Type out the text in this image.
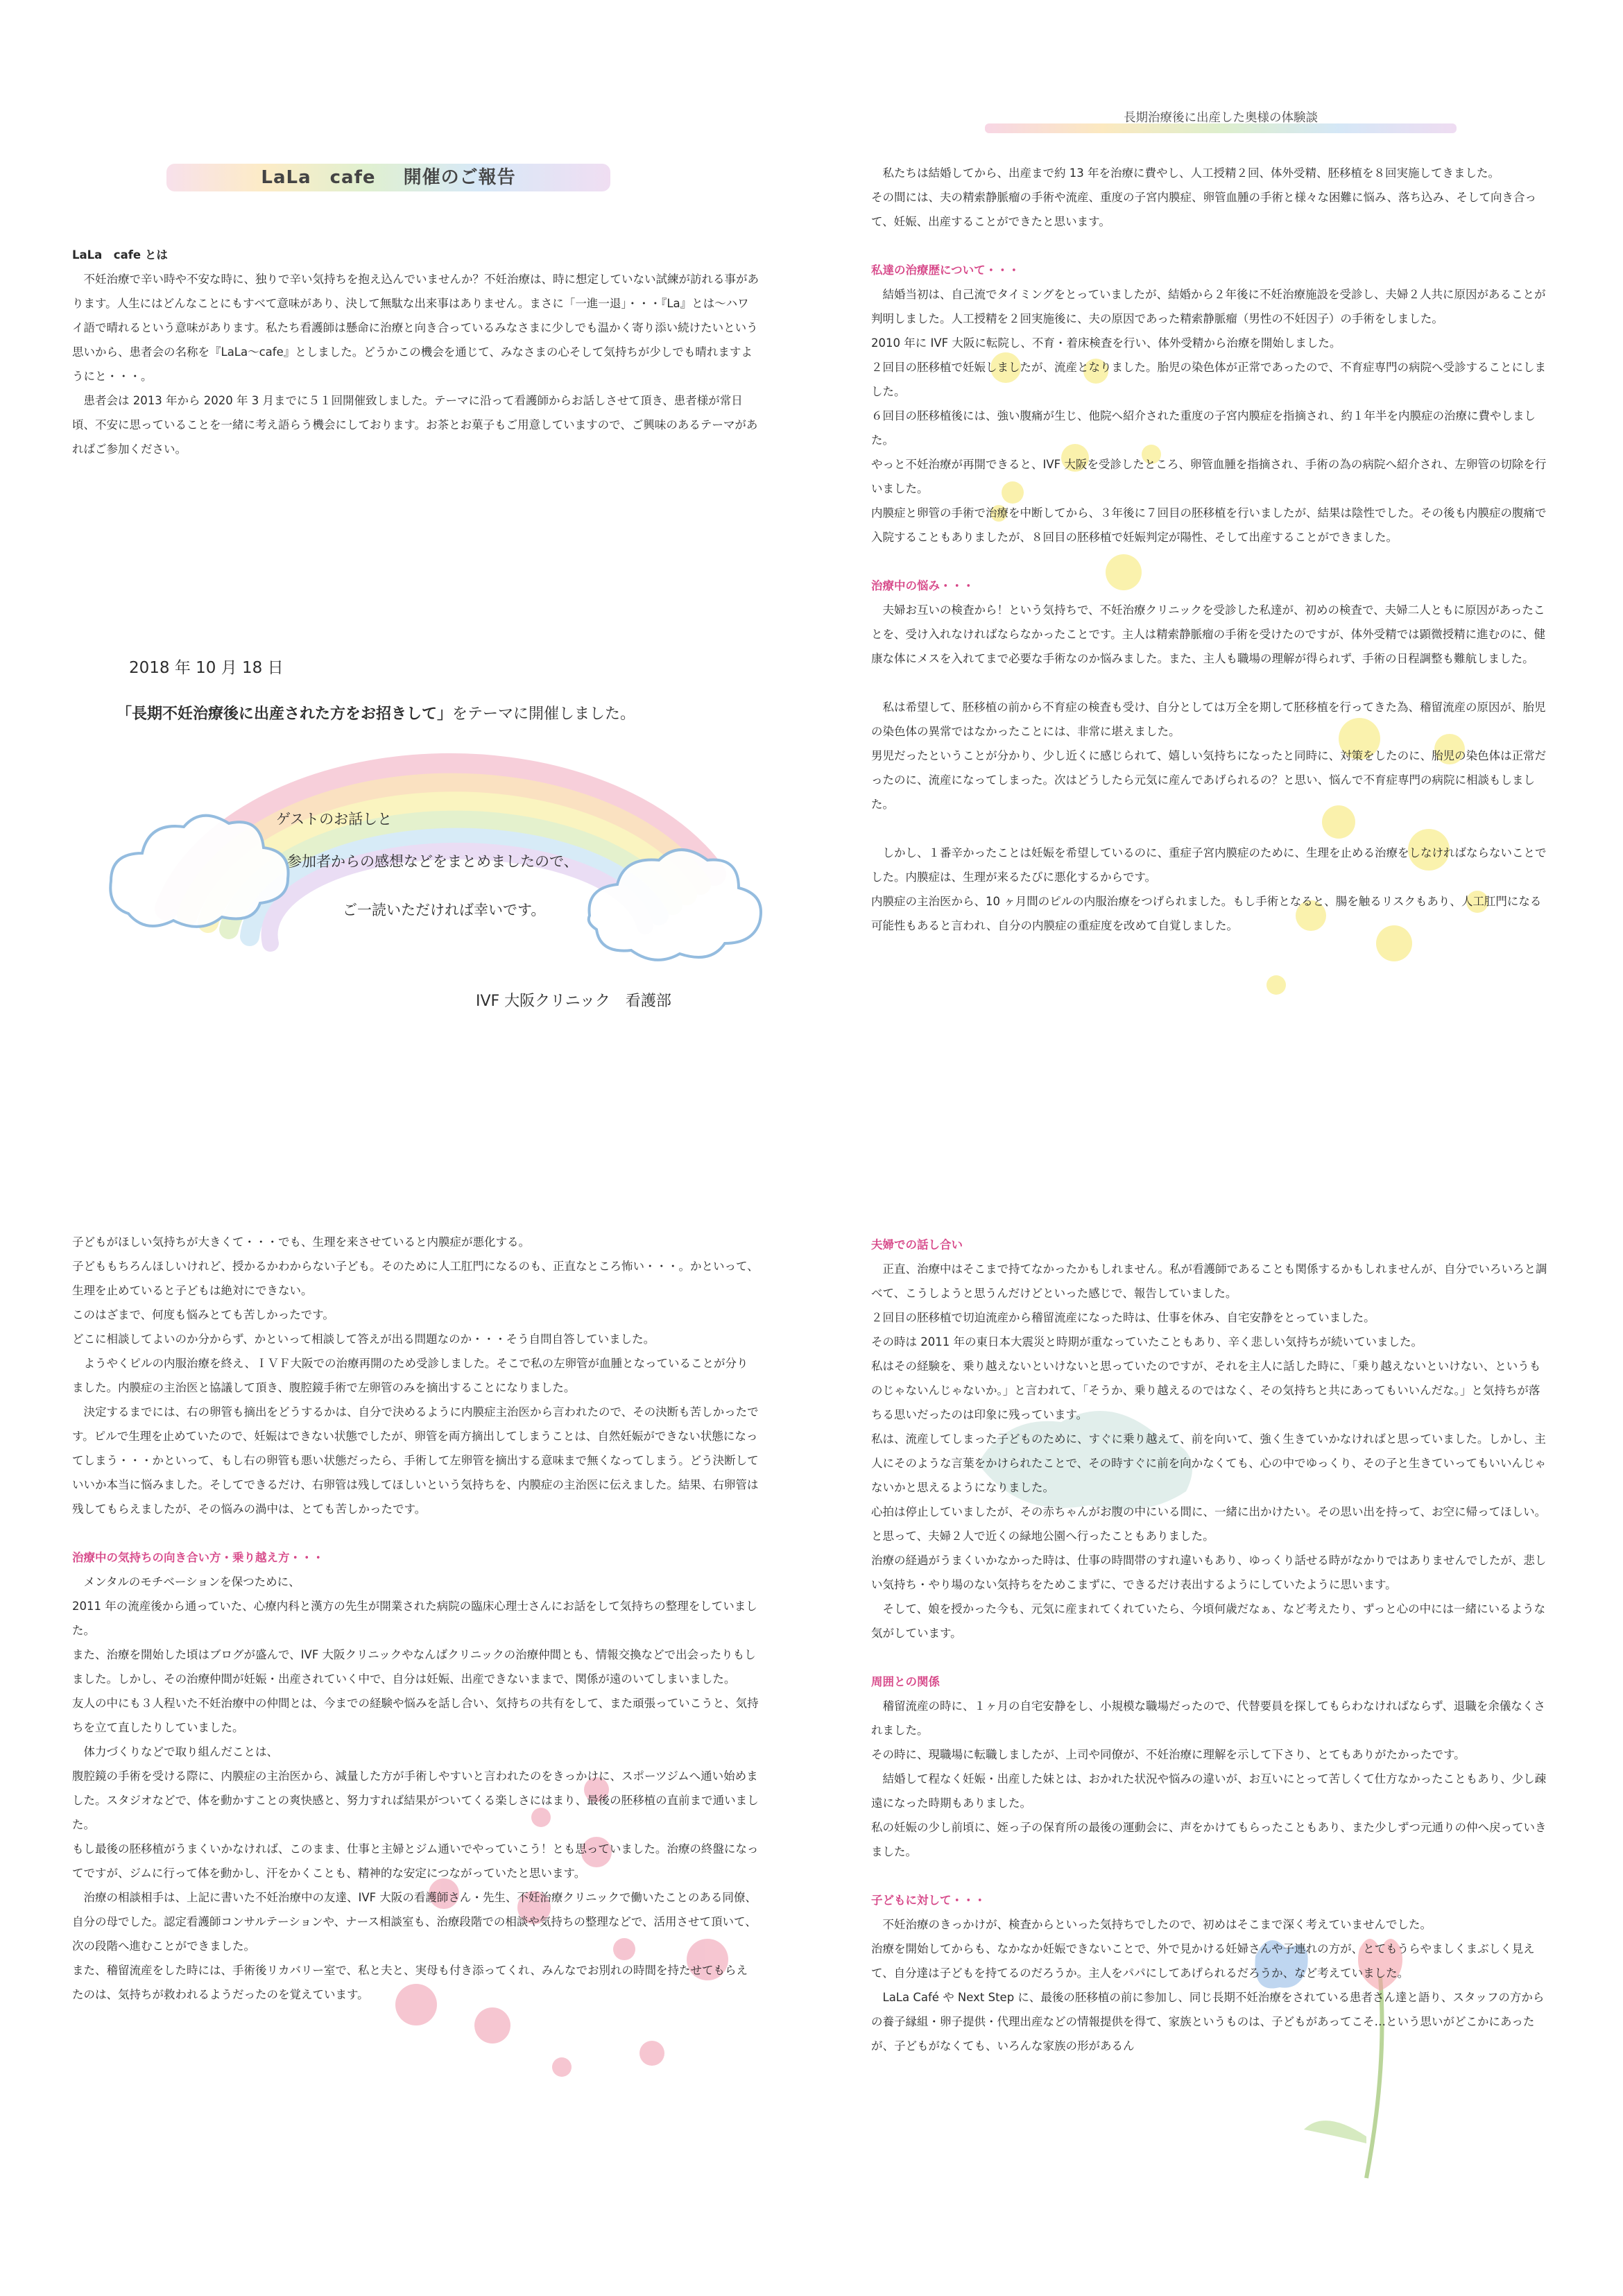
LaLa　cafe 開催のご報告

LaLa　cafe とは

不妊治療で辛い時や不安な時に、独りで辛い気持ちを抱え込んでいませんか？不妊治療は、時に想定していない試練が訪れる事があります。人生にはどんなことにもすべて意味があり、決して無駄な出来事はありません。まさに「一進一退」・・・『La』とは～ハワイ語で晴れるという意味があります。私たち看護師は懸命に治療と向き合っているみなさまに少しでも温かく寄り添い続けたいという思いから、患者会の名称を『LaLa～cafe』としました。どうかこの機会を通じて、みなさまの心そして気持ちが少しでも晴れますようにと・・・。

患者会は 2013 年から 2020 年 3 月までに５１回開催致しました。テーマに沿って看護師からお話しさせて頂き、患者様が常日頃、不安に思っていることを一緒に考え語らう機会にしております。お茶とお菓子もご用意していますので、ご興味のあるテーマがあればご参加ください。

2018 年 10 月 18 日
「長期不妊治療後に出産された方をお招きして」をテーマに開催しました。
ゲストのお話しと
参加者からの感想などをまとめましたので、
ご一読いただければ幸いです。
IVF 大阪クリニック　看護部
長期治療後に出産した奥様の体験談

私たちは結婚してから、出産まで約 13 年を治療に費やし、人工授精２回、体外受精、胚移植を８回実施してきました。

その間には、夫の精索静脈瘤の手術や流産、重度の子宮内膜症、卵管血腫の手術と様々な困難に悩み、落ち込み、そして向き合って、妊娠、出産することができたと思います。

私達の治療歴について・・・

結婚当初は、自己流でタイミングをとっていましたが、結婚から２年後に不妊治療施設を受診し、夫婦２人共に原因があることが判明しました。人工授精を２回実施後に、夫の原因であった精索静脈瘤（男性の不妊因子）の手術をしました。

2010 年に IVF 大阪に転院し、不育・着床検査を行い、体外受精から治療を開始しました。

２回目の胚移植で妊娠しましたが、流産となりました。胎児の染色体が正常であったので、不育症専門の病院へ受診することにしました。

６回目の胚移植後には、強い腹痛が生じ、他院へ紹介された重度の子宮内膜症を指摘され、約１年半を内膜症の治療に費やしました。

やっと不妊治療が再開できると、IVF 大阪を受診したところ、卵管血腫を指摘され、手術の為の病院へ紹介され、左卵管の切除を行いました。

内膜症と卵管の手術で治療を中断してから、３年後に７回目の胚移植を行いましたが、結果は陰性でした。その後も内膜症の腹痛で入院することもありましたが、８回目の胚移植で妊娠判定が陽性、そして出産することができました。

治療中の悩み・・・

夫婦お互いの検査から！という気持ちで、不妊治療クリニックを受診した私達が、初めの検査で、夫婦二人ともに原因があったことを、受け入れなければならなかったことです。主人は精索静脈瘤の手術を受けたのですが、体外受精では顕微授精に進むのに、健康な体にメスを入れてまで必要な手術なのか悩みました。また、主人も職場の理解が得られず、手術の日程調整も難航しました。

私は希望して、胚移植の前から不育症の検査も受け、自分としては万全を期して胚移植を行ってきた為、稽留流産の原因が、胎児の染色体の異常ではなかったことには、非常に堪えました。

男児だったということが分かり、少し近くに感じられて、嬉しい気持ちになったと同時に、対策をしたのに、胎児の染色体は正常だったのに、流産になってしまった。次はどうしたら元気に産んであげられるの？と思い、悩んで不育症専門の病院に相談もしました。

しかし、１番辛かったことは妊娠を希望しているのに、重症子宮内膜症のために、生理を止める治療をしなければならないことでした。内膜症は、生理が来るたびに悪化するからです。

内膜症の主治医から、10 ヶ月間のピルの内服治療をつげられました。もし手術となると、腸を触るリスクもあり、人工肛門になる可能性もあると言われ、自分の内膜症の重症度を改めて自覚しました。

子どもがほしい気持ちが大きくて・・・でも、生理を来させていると内膜症が悪化する。

子どももちろんほしいけれど、授かるかわからない子ども。そのために人工肛門になるのも、正直なところ怖い・・・。かといって、生理を止めていると子どもは絶対にできない。

このはざまで、何度も悩みとても苦しかったです。

どこに相談してよいのか分からず、かといって相談して答えが出る問題なのか・・・そう自問自答していました。

ようやくピルの内服治療を終え、ＩＶＦ大阪での治療再開のため受診しました。そこで私の左卵管が血腫となっていることが分りました。内膜症の主治医と協議して頂き、腹腔鏡手術で左卵管のみを摘出することになりました。

決定するまでには、右の卵管も摘出をどうするかは、自分で決めるように内膜症主治医から言われたので、その決断も苦しかったです。ピルで生理を止めていたので、妊娠はできない状態でしたが、卵管を両方摘出してしまうことは、自然妊娠ができない状態になってしまう・・・かといって、もし右の卵管も悪い状態だったら、手術して左卵管を摘出する意味まで無くなってしまう。どう決断していいか本当に悩みました。そしてできるだけ、右卵管は残してほしいという気持ちを、内膜症の主治医に伝えました。結果、右卵管は残してもらえましたが、その悩みの渦中は、とても苦しかったです。

治療中の気持ちの向き合い方・乗り越え方・・・

メンタルのモチベーションを保つために、

2011 年の流産後から通っていた、心療内科と漢方の先生が開業された病院の臨床心理士さんにお話をして気持ちの整理をしていました。

また、治療を開始した頃はブログが盛んで、IVF 大阪クリニックやなんばクリニックの治療仲間とも、情報交換などで出会ったりもしました。しかし、その治療仲間が妊娠・出産されていく中で、自分は妊娠、出産できないままで、関係が遠のいてしまいました。

友人の中にも３人程いた不妊治療中の仲間とは、今までの経験や悩みを話し合い、気持ちの共有をして、また頑張っていこうと、気持ちを立て直したりしていました。

体力づくりなどで取り組んだことは、

腹腔鏡の手術を受ける際に、内膜症の主治医から、減量した方が手術しやすいと言われたのをきっかけに、スポーツジムへ通い始めました。スタジオなどで、体を動かすことの爽快感と、努力すれば結果がついてくる楽しさにはまり、最後の胚移植の直前まで通いました。

もし最後の胚移植がうまくいかなければ、このまま、仕事と主婦とジム通いでやっていこう！とも思っていました。治療の終盤になってですが、ジムに行って体を動かし、汗をかくことも、精神的な安定につながっていたと思います。

治療の相談相手は、上記に書いた不妊治療中の友達、IVF 大阪の看護師さん・先生、不妊治療クリニックで働いたことのある同僚、自分の母でした。認定看護師コンサルテーションや、ナース相談室も、治療段階での相談や気持ちの整理などで、活用させて頂いて、次の段階へ進むことができました。

また、稽留流産をした時には、手術後リカバリー室で、私と夫と、実母も付き添ってくれ、みんなでお別れの時間を持たせてもらえたのは、気持ちが救われるようだったのを覚えています。

夫婦での話し合い

正直、治療中はそこまで持てなかったかもしれません。私が看護師であることも関係するかもしれませんが、自分でいろいろと調べて、こうしようと思うんだけどといった感じで、報告していました。

２回目の胚移植で切迫流産から稽留流産になった時は、仕事を休み、自宅安静をとっていました。

その時は 2011 年の東日本大震災と時期が重なっていたこともあり、辛く悲しい気持ちが続いていました。

私はその経験を、乗り越えないといけないと思っていたのですが、それを主人に話した時に、「乗り越えないといけない、というものじゃないんじゃないか。」と言われて、「そうか、乗り越えるのではなく、その気持ちと共にあってもいいんだな。」と気持ちが落ちる思いだったのは印象に残っています。

私は、流産してしまった子どものために、すぐに乗り越えて、前を向いて、強く生きていかなければと思っていました。しかし、主人にそのような言葉をかけられたことで、その時すぐに前を向かなくても、心の中でゆっくり、その子と生きていってもいいんじゃないかと思えるようになりました。

心拍は停止していましたが、その赤ちゃんがお腹の中にいる間に、一緒に出かけたい。その思い出を持って、お空に帰ってほしい。と思って、夫婦２人で近くの緑地公園へ行ったこともありました。

治療の経過がうまくいかなかった時は、仕事の時間帯のすれ違いもあり、ゆっくり話せる時がなかりではありませんでしたが、悲しい気持ち・やり場のない気持ちをためこまずに、できるだけ表出するようにしていたように思います。

そして、娘を授かった今も、元気に産まれてくれていたら、今頃何歳だなぁ、など考えたり、ずっと心の中には一緒にいるような気がしています。

周囲との関係

稽留流産の時に、１ヶ月の自宅安静をし、小規模な職場だったので、代替要員を探してもらわなければならず、退職を余儀なくされました。

その時に、現職場に転職しましたが、上司や同僚が、不妊治療に理解を示して下さり、とてもありがたかったです。

結婚して程なく妊娠・出産した妹とは、おかれた状況や悩みの違いが、お互いにとって苦しくて仕方なかったこともあり、少し疎遠になった時期もありました。

私の妊娠の少し前頃に、姪っ子の保育所の最後の運動会に、声をかけてもらったこともあり、また少しずつ元通りの仲へ戻っていきました。

子どもに対して・・・

不妊治療のきっかけが、検査からといった気持ちでしたので、初めはそこまで深く考えていませんでした。

治療を開始してからも、なかなか妊娠できないことで、外で見かける妊婦さんや子連れの方が、とてもうらやましくまぶしく見えて、自分達は子どもを持てるのだろうか。主人をパパにしてあげられるだろうか、など考えていました。

LaLa Café や Next Step に、最後の胚移植の前に参加し、同じ長期不妊治療をされている患者さん達と語り、スタッフの方からの養子縁組・卵子提供・代理出産などの情報提供を得て、家族というものは、子どもがあってこそ…という思いがどこかにあったが、子どもがなくても、いろんな家族の形があるん
